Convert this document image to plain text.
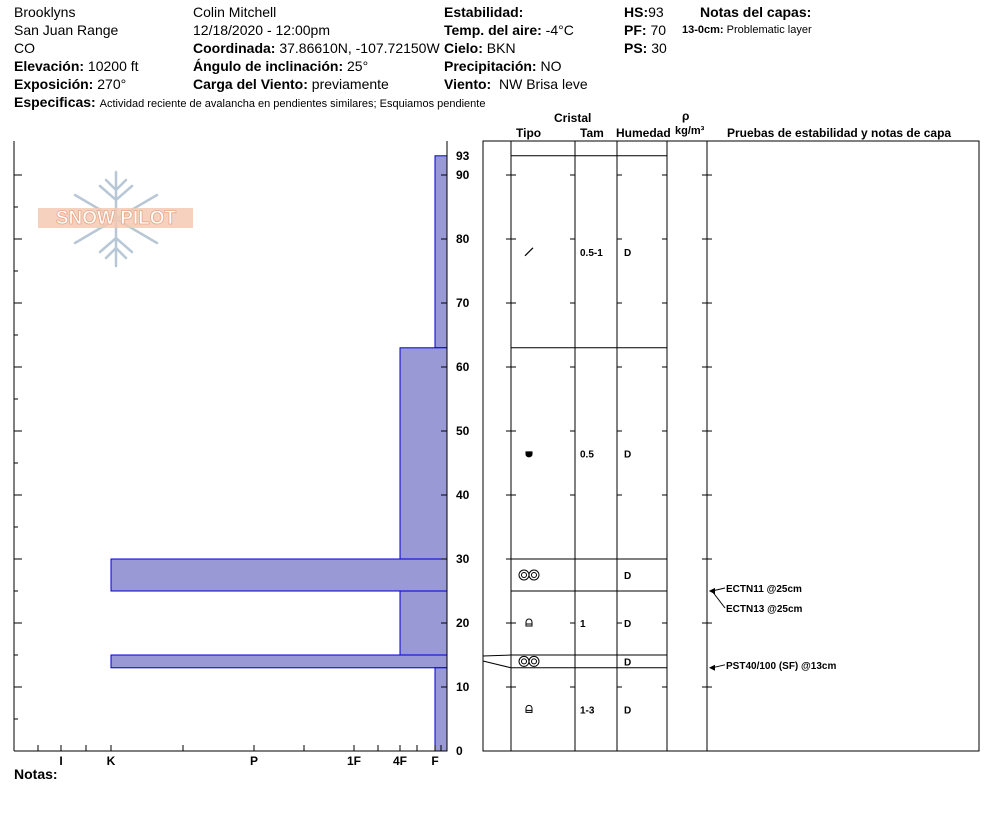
Brooklyns
San Juan Range
CO
Elevación: 10200 ft
Exposición: 270°
Colin Mitchell
12/18/2020 - 12:00pm
Coordinada: 37.86610N, -107.72150W
Ángulo de inclinación: 25°
Carga del Viento: previamente
Estabilidad:
Temp. del aire: -4°C
Cielo: BKN
Precipitación: NO
Viento: NW Brisa leve
HS:93
PF: 70
PS: 30
Notas del capas:
13-0cm: Problematic layer
Especificas: Actividad reciente de avalancha en pendientes similares; Esquiamos pendiente
Cristal
Tipo	Tam Humedad
ρ
kg/m³ Pruebas de estabilidad y notas de capa
Notas:
SNOW PILOT
I	K	P	1F	4F F
0
10
20
30
40
50
60
70
80
90
93
0.5-1 D
0.5	D
D
1	D
D
1-3	D
ECTN11 @25cm
ECTN13 @25cm
PST40/100 (SF) @13cm
